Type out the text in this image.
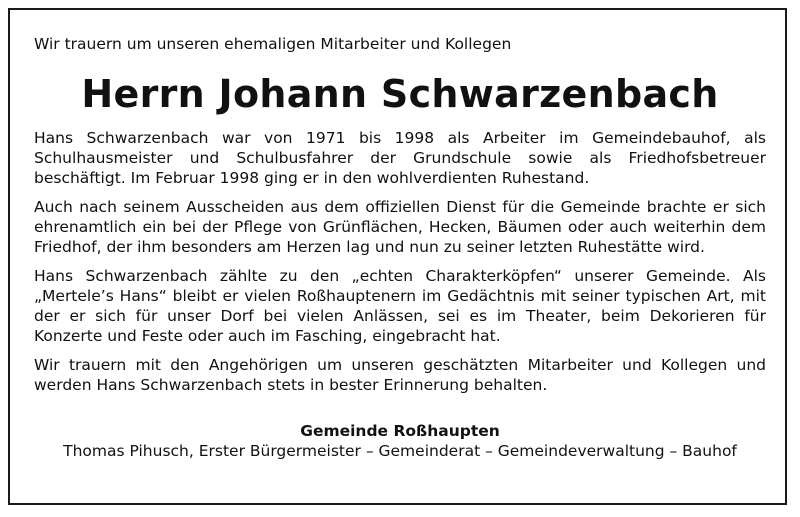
Wir trauern um unseren ehemaligen Mitarbeiter und Kollegen

Herrn Johann Schwarzenbach

Hans Schwarzenbach war von 1971 bis 1998 als Arbeiter im Gemeindebauhof, als Schulhausmeister und Schulbusfahrer der Grundschule sowie als Friedhofsbetreuer beschäftigt. Im Februar 1998 ging er in den wohlverdienten Ruhestand.

Auch nach seinem Ausscheiden aus dem offiziellen Dienst für die Gemeinde brachte er sich ehrenamtlich ein bei der Pflege von Grünflächen, Hecken, Bäumen oder auch weiterhin dem Friedhof, der ihm besonders am Herzen lag und nun zu seiner letzten Ruhestätte wird.

Hans Schwarzenbach zählte zu den „echten Charakterköpfen“ unserer Gemeinde. Als „Mertele’s Hans“ bleibt er vielen Roßhauptenern im Gedächtnis mit seiner typischen Art, mit der er sich für unser Dorf bei vielen Anlässen, sei es im Theater, beim Dekorieren für Konzerte und Feste oder auch im Fasching, eingebracht hat.

Wir trauern mit den Angehörigen um unseren geschätzten Mitarbeiter und Kollegen und werden Hans Schwarzenbach stets in bester Erinnerung behalten.

Gemeinde Roßhaupten
Thomas Pihusch, Erster Bürgermeister – Gemeinderat – Gemeindeverwaltung – Bauhof
